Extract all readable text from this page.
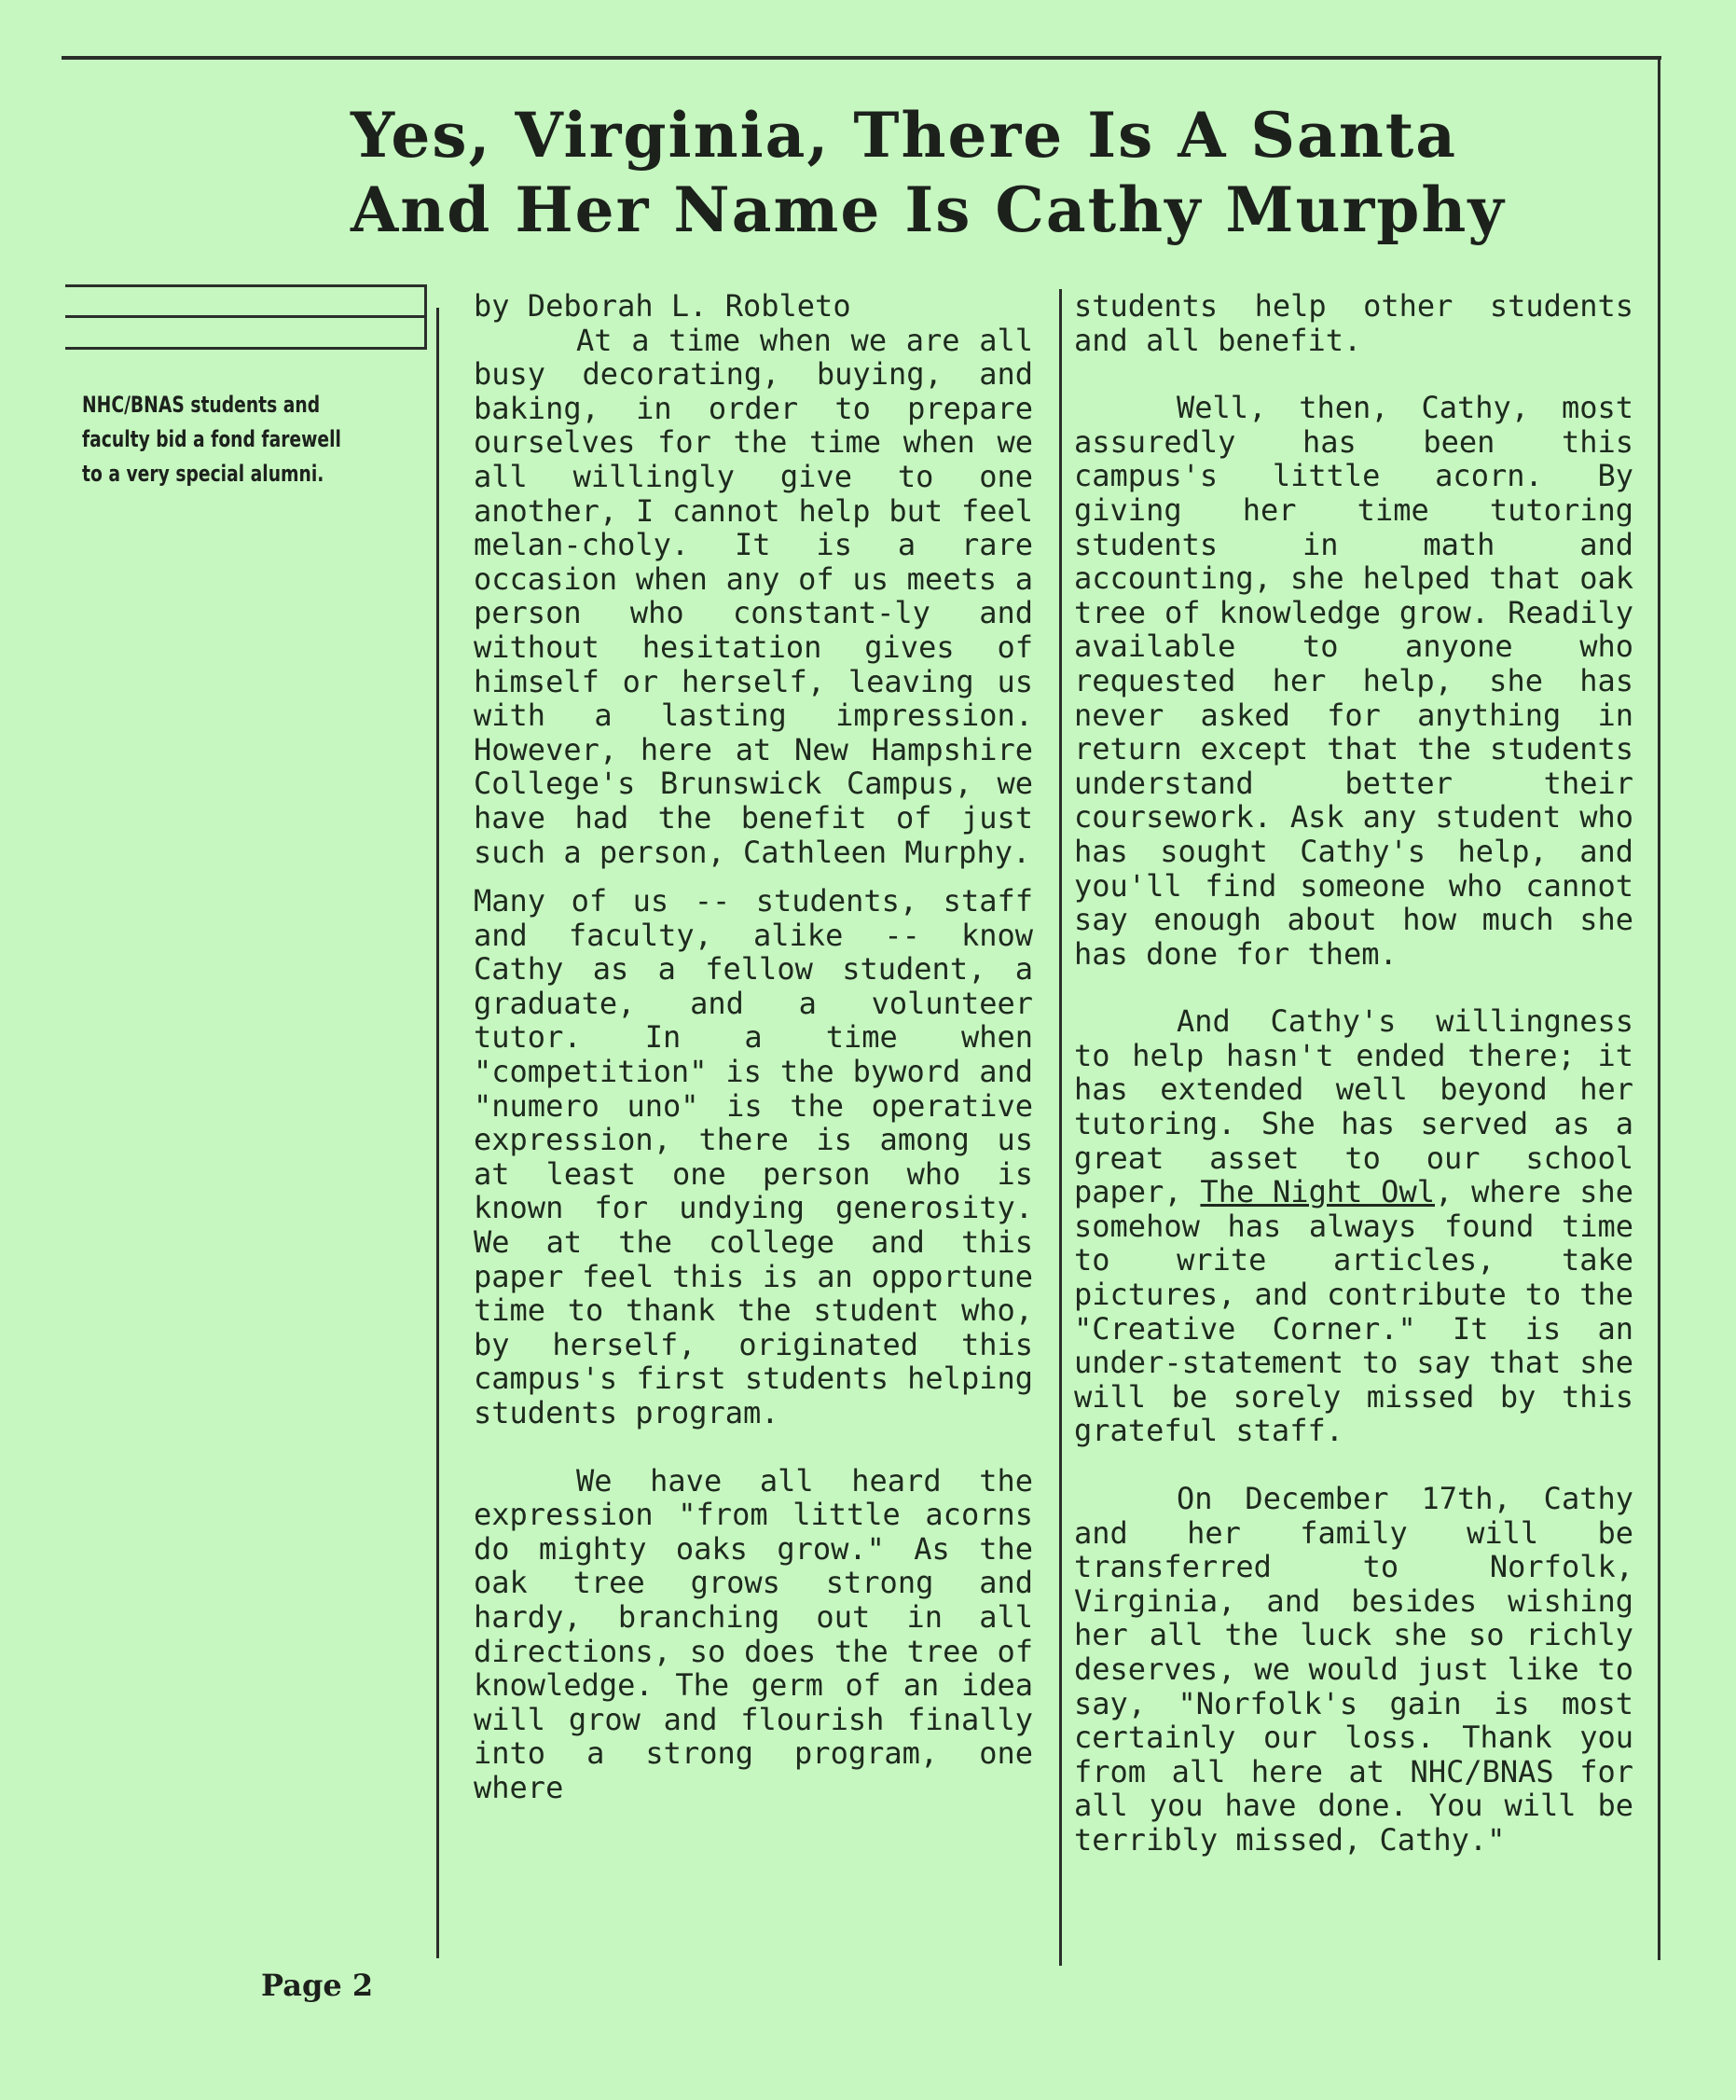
Yes, Virginia, There Is A Santa
And Her Name Is Cathy Murphy

NHC/BNAS students and faculty bid a fond farewell to a very special alumni.

by Deborah L. Robleto

At a time when we are all busy decorating, buying, and baking, in order to prepare ourselves for the time when we all willingly give to one another, I cannot help but feel melan-choly. It is a rare occasion when any of us meets a person who constant-ly and without hesitation gives of himself or herself, leaving us with a lasting impression. However, here at New Hampshire College's Brunswick Campus, we have had the benefit of just such a person, Cathleen Murphy.

Many of us -- students, staff and faculty, alike -- know Cathy as a fellow student, a graduate, and a volunteer tutor. In a time when "competition" is the byword and "numero uno" is the operative expression, there is among us at least one person who is known for undying generosity. We at the college and this paper feel this is an opportune time to thank the student who, by herself, originated this campus's first students helping students program.

We have all heard the expression "from little acorns do mighty oaks grow." As the oak tree grows strong and hardy, branching out in all directions, so does the tree of knowledge. The germ of an idea will grow and flourish finally into a strong program, one where

students help other students and all benefit.

Well, then, Cathy, most assuredly has been this campus's little acorn. By giving her time tutoring students in math and accounting, she helped that oak tree of knowledge grow. Readily available to anyone who requested her help, she has never asked for anything in return except that the students understand better their coursework. Ask any student who has sought Cathy's help, and you'll find someone who cannot say enough about how much she has done for them.

And Cathy's willingness to help hasn't ended there; it has extended well beyond her tutoring. She has served as a great asset to our school paper, The Night Owl, where she somehow has always found time to write articles, take pictures, and contribute to the "Creative Corner." It is an under-statement to say that she will be sorely missed by this grateful staff.

On December 17th, Cathy and her family will be transferred to Norfolk, Virginia, and besides wishing her all the luck she so richly deserves, we would just like to say, "Norfolk's gain is most certainly our loss. Thank you from all here at NHC/BNAS for all you have done. You will be terribly missed, Cathy."

Page 2
